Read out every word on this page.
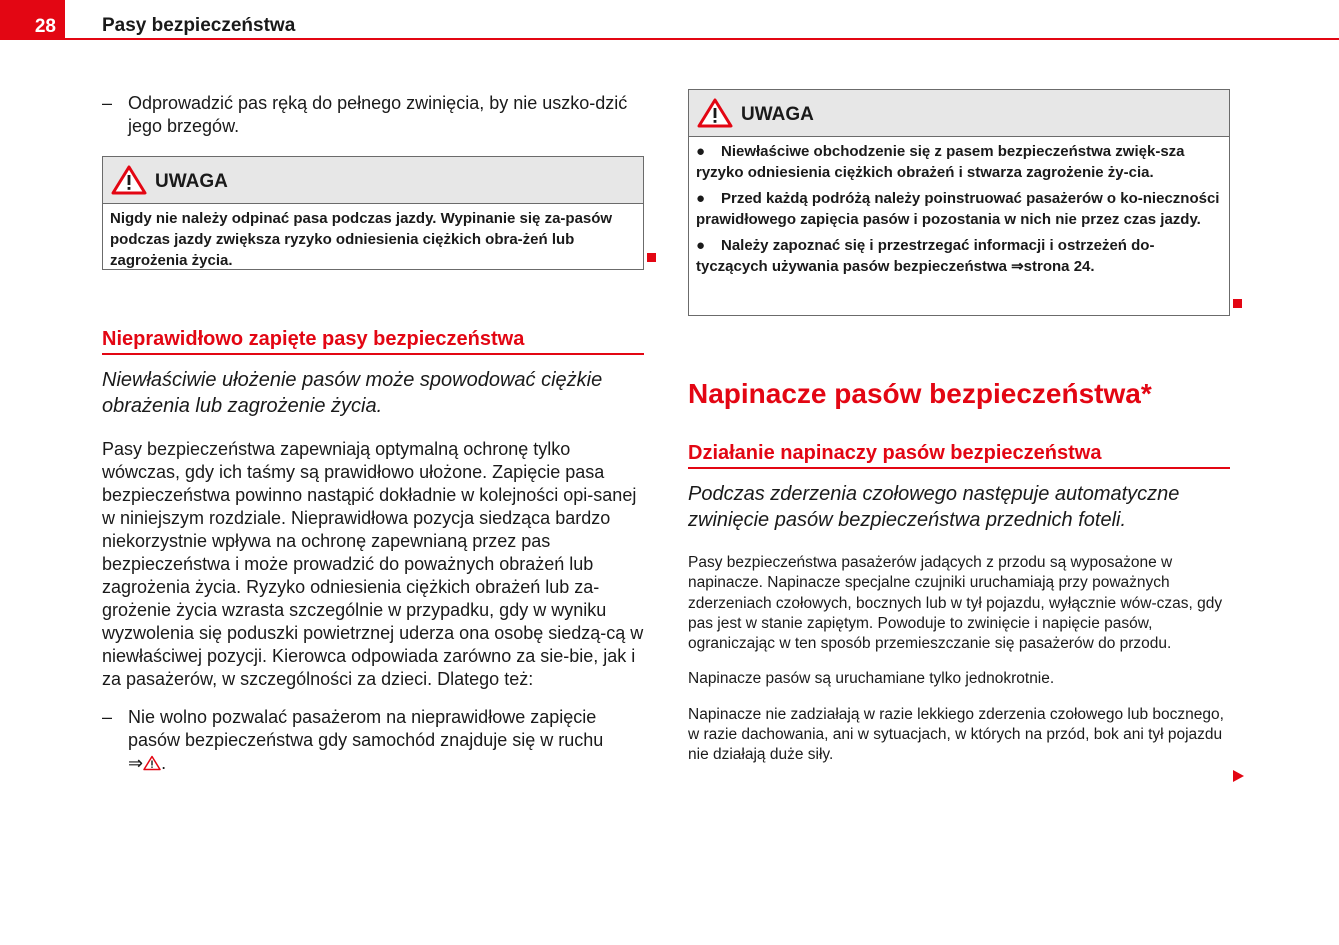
28	Pasy bezpieczeństwa
– Odprowadzić pas ręką do pełnego zwinięcia, by nie uszko-dzić jego brzegów.
UWAGA

Nigdy nie należy odpinać pasa podczas jazdy. Wypinanie się za-pasów podczas jazdy zwiększa ryzyko odniesienia ciężkich obra-żeń lub zagrożenia życia.

Nieprawidłowo zapięte pasy bezpieczeństwa
Niewłaściwie ułożenie pasów może spowodować ciężkie obrażenia lub zagrożenie życia.
Pasy bezpieczeństwa zapewniają optymalną ochronę tylko wówczas, gdy ich taśmy są prawidłowo ułożone. Zapięcie pasa bezpieczeństwa powinno nastąpić dokładnie w kolejności opi-sanej w niniejszym rozdziale. Nieprawidłowa pozycja siedząca bardzo niekorzystnie wpływa na ochronę zapewnianą przez pas bezpieczeństwa i może prowadzić do poważnych obrażeń lub zagrożenia życia. Ryzyko odniesienia ciężkich obrażeń lub za-grożenie życia wzrasta szczególnie w przypadku, gdy w wyniku wyzwolenia się poduszki powietrznej uderza ona osobę siedzą-cą w niewłaściwej pozycji. Kierowca odpowiada zarówno za sie-bie, jak i za pasażerów, w szczególności za dzieci. Dlatego też:
– Nie wolno pozwalać pasażerom na nieprawidłowe zapięcie pasów bezpieczeństwa gdy samochód znajduje się w ruchu
⇒ .
UWAGA

● Niewłaściwe obchodzenie się z pasem bezpieczeństwa zwięk-sza ryzyko odniesienia ciężkich obrażeń i stwarza zagrożenie ży-cia.

● Przed każdą podróżą należy poinstruować pasażerów o ko-nieczności prawidłowego zapięcia pasów i pozostania w nich nie przez czas jazdy.

● Należy zapoznać się i przestrzegać informacji i ostrzeżeń do-tyczących używania pasów bezpieczeństwa ⇒strona 24.

Napinacze pasów bezpieczeństwa*
Działanie napinaczy pasów bezpieczeństwa
Podczas zderzenia czołowego następuje automatyczne zwinięcie pasów bezpieczeństwa przednich foteli.

Pasy bezpieczeństwa pasażerów jadących z przodu są wyposażone w napinacze. Napinacze specjalne czujniki uruchamiają przy poważnych zderzeniach czołowych, bocznych lub w tył pojazdu, wyłącznie wów-czas, gdy pas jest w stanie zapiętym. Powoduje to zwinięcie i napięcie pasów, ograniczając w ten sposób przemieszczanie się pasażerów do przodu.

Napinacze pasów są uruchamiane tylko jednokrotnie.

Napinacze nie zadziałają w razie lekkiego zderzenia czołowego lub bocznego, w razie dachowania, ani w sytuacjach, w których na przód, bok ani tył pojazdu nie działają duże siły.
